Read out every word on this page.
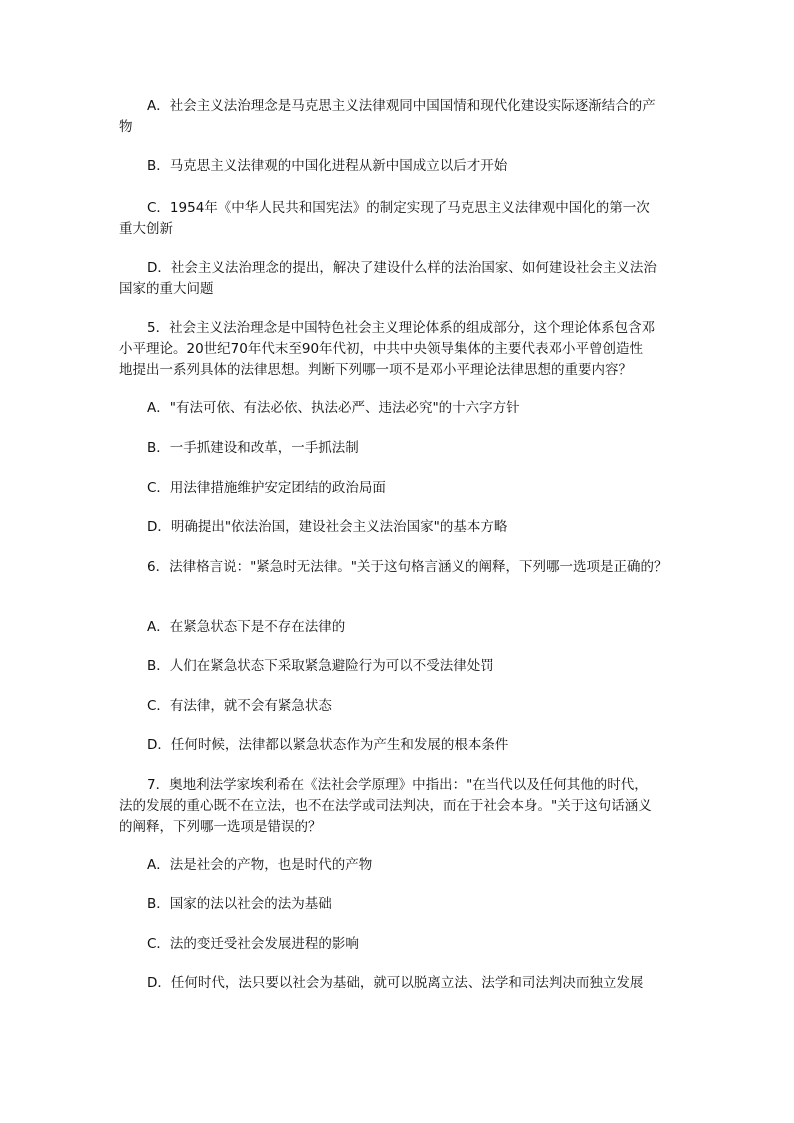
A．社会主义法治理念是马克思主义法律观同中国国情和现代化建设实际逐渐结合的产
物

B．马克思主义法律观的中国化进程从新中国成立以后才开始

C．1954年《中华人民共和国宪法》的制定实现了马克思主义法律观中国化的第一次
重大创新

D．社会主义法治理念的提出，解决了建设什么样的法治国家、如何建设社会主义法治
国家的重大问题

5．社会主义法治理念是中国特色社会主义理论体系的组成部分，这个理论体系包含邓
小平理论。20世纪70年代末至90年代初，中共中央领导集体的主要代表邓小平曾创造性
地提出一系列具体的法律思想。判断下列哪一项不是邓小平理论法律思想的重要内容？

A．"有法可依、有法必依、执法必严、违法必究"的十六字方针

B．一手抓建设和改革，一手抓法制

C．用法律措施维护安定团结的政治局面

D．明确提出"依法治国，建设社会主义法治国家"的基本方略

6．法律格言说："紧急时无法律。"关于这句格言涵义的阐释，下列哪一选项是正确的？

A．在紧急状态下是不存在法律的

B．人们在紧急状态下采取紧急避险行为可以不受法律处罚

C．有法律，就不会有紧急状态

D．任何时候，法律都以紧急状态作为产生和发展的根本条件

7．奥地利法学家埃利希在《法社会学原理》中指出："在当代以及任何其他的时代，
法的发展的重心既不在立法，也不在法学或司法判决，而在于社会本身。"关于这句话涵义
的阐释，下列哪一选项是错误的？

A．法是社会的产物，也是时代的产物

B．国家的法以社会的法为基础

C．法的变迁受社会发展进程的影响

D．任何时代，法只要以社会为基础，就可以脱离立法、法学和司法判决而独立发展
